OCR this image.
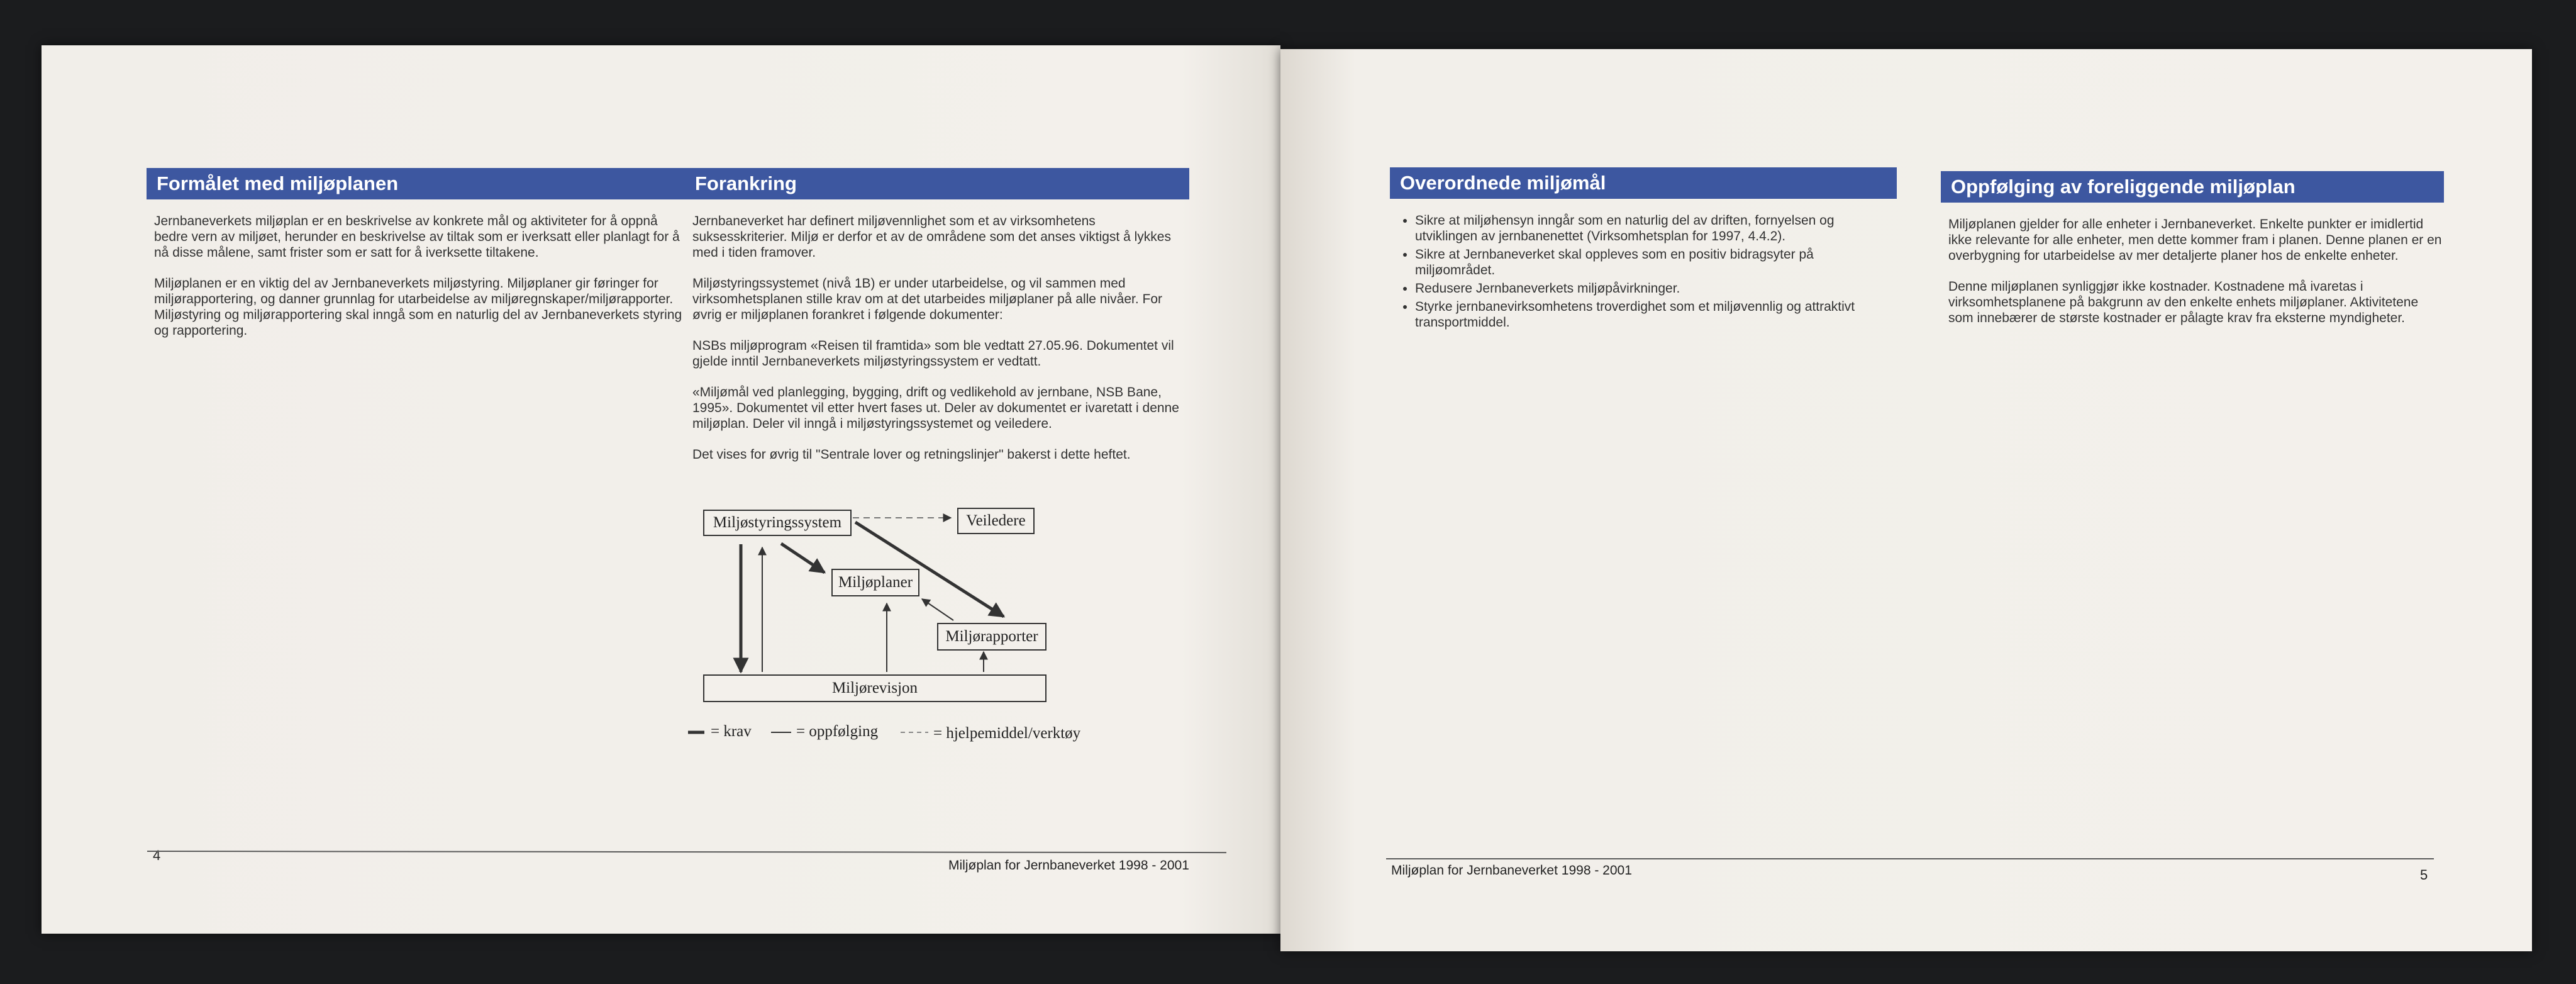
Formålet med miljøplanen

Jernbaneverkets miljøplan er en beskrivelse av konkrete mål og aktiviteter for å oppnå bedre vern av miljøet, herunder en beskrivelse av tiltak som er iverksatt eller planlagt for å nå disse målene, samt frister som er satt for å iverksette tiltakene.

Miljøplanen er en viktig del av Jernbaneverkets miljøstyring. Miljøplaner gir føringer for miljørapportering, og danner grunnlag for utarbeidelse av miljøregnskaper/miljørapporter. Miljøstyring og miljørapportering skal inngå som en naturlig del av Jernbaneverkets styring og rapportering.

Forankring

Jernbaneverket har definert miljøvennlighet som et av virksomhetens suksesskriterier. Miljø er derfor et av de områdene som det anses viktigst å lykkes med i tiden framover.

Miljøstyringssystemet (nivå 1B) er under utarbeidelse, og vil sammen med virksomhetsplanen stille krav om at det utarbeides miljøplaner på alle nivåer. For øvrig er miljøplanen forankret i følgende dokumenter:

NSBs miljøprogram «Reisen til framtida» som ble vedtatt 27.05.96. Dokumentet vil gjelde inntil Jernbaneverkets miljøstyringssystem er vedtatt.

«Miljømål ved planlegging, bygging, drift og vedlikehold av jernbane, NSB Bane, 1995». Dokumentet vil etter hvert fases ut. Deler av dokumentet er ivaretatt i denne miljøplan. Deler vil inngå i miljøstyringssystemet og veiledere.

Det vises for øvrig til "Sentrale lover og retningslinjer" bakerst i dette heftet.

Miljøstyringssystem	Veiledere
Miljøplaner
Miljørapporter
Miljørevisjon
= krav	= oppfølging	= hjelpemiddel/verktøy
4
Miljøplan for Jernbaneverket 1998 - 2001
Overordnede miljømål
• Sikre at miljøhensyn inngår som en naturlig del av driften, fornyelsen og utviklingen av jernbanenettet (Virksomhetsplan for 1997, 4.4.2).
• Sikre at Jernbaneverket skal oppleves som en positiv bidragsyter på miljøområdet.
• Redusere Jernbaneverkets miljøpåvirkninger.
• Styrke jernbanevirksomhetens troverdighet som et miljøvennlig og attraktivt transportmiddel.
Oppfølging av foreliggende miljøplan

Miljøplanen gjelder for alle enheter i Jernbaneverket. Enkelte punkter er imidlertid ikke relevante for alle enheter, men dette kommer fram i planen. Denne planen er en overbygning for utarbeidelse av mer detaljerte planer hos de enkelte enheter.

Denne miljøplanen synliggjør ikke kostnader. Kostnadene må ivaretas i virksomhetsplanene på bakgrunn av den enkelte enhets miljøplaner. Aktivitetene som innebærer de største kostnader er pålagte krav fra eksterne myndigheter.

Miljøplan for Jernbaneverket 1998 - 2001	5
